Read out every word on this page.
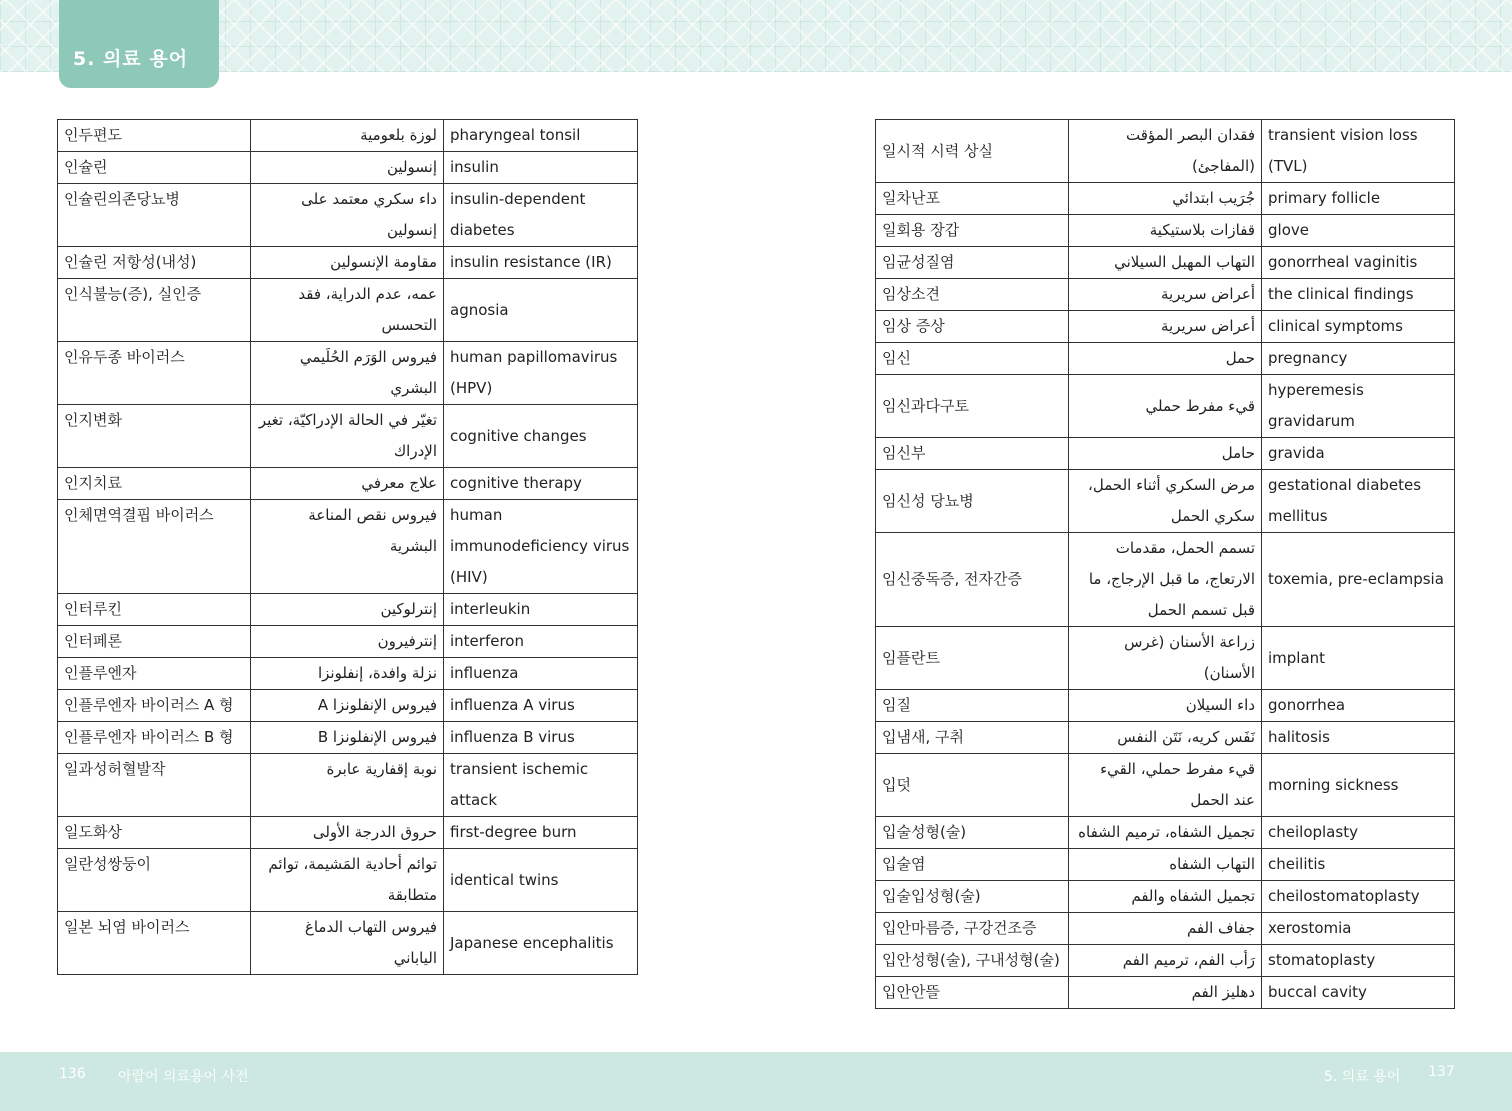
5. 의료 용어
인두편도	لوزة بلعومية	pharyngeal tonsil
인슐린	إنسولين	insulin
인슐린의존당뇨병	داء سكري معتمد على إنسولين	insulin-dependent diabetes
인슐린 저항성(내성)	مقاومة الإنسولين	insulin resistance (IR)
인식불능(증), 실인증	عمه، عدم الدراية، فقد التحسس	agnosia
인유두종 바이러스	فيروس الوَرَم الحُلَيمي البشري	human papillomavirus (HPV)
인지변화	تغيّر في الحالة الإدراكيّة، تغير الإدراك	cognitive changes
인지치료	علاج معرفي	cognitive therapy
인체면역결핍 바이러스	فيروس نقص المناعة البشرية	human immunodeficiency virus (HIV)
인터루킨	إنترلوكين	interleukin
인터페론	إنترفيرون	interferon
인플루엔자	نزلة وافدة، إنفلونزا	influenza
인플루엔자 바이러스 A 형	فيروس الإنفلونزا A	influenza A virus
인플루엔자 바이러스 B 형	فيروس الإنفلونزا B	influenza B virus
일과성허혈발작	نوبة إقفارية عابرة	transient ischemic attack
일도화상	حروق الدرجة الأولى	first-degree burn
일란성쌍둥이	توائم أحادية المَشيمة، توائم متطابقة	identical twins
일본 뇌염 바이러스	فيروس التهاب الدماغ الياباني	Japanese encephalitis
일시적 시력 상실	فقدان البصر المؤقت (المفاجئ)	transient vision loss (TVL)
일차난포	جُرَيب ابتدائي	primary follicle
일회용 장갑	قفازات بلاستيكية	glove
임균성질염	التهاب المهبل السيلاني	gonorrheal vaginitis
임상소견	أعراض سريرية	the clinical findings
임상 증상	أعراض سريرية	clinical symptoms
임신	حمل	pregnancy
임신과다구토	قيء مفرط حملي	hyperemesis gravidarum
임신부	حامل	gravida
임신성 당뇨병	مرض السكري أثناء الحمل، سكري الحمل	gestational diabetes mellitus
임신중독증, 전자간증	تسمم الحمل، مقدمات الارتعاج، ما قبل الإرجاج، ما قبل تسمم الحمل	toxemia, pre-eclampsia
임플란트	زراعة الأسنان (غرس الأسنان)	implant
임질	داء السيلان	gonorrhea
입냄새, 구취	نَفَس كريه، نَتَن النفس	halitosis
입덧	قيء مفرط حملي، القيء عند الحمل	morning sickness
입술성형(술)	تجميل الشفاه، ترميم الشفاه	cheiloplasty
입술염	التهاب الشفاه	cheilitis
입술입성형(술)	تجميل الشفاه والفم	cheilostomatoplasty
입안마름증, 구강건조증	جفاف الفم	xerostomia
입안성형(술), 구내성형(술)	رَأب الفم، ترميم الفم	stomatoplasty
입안안뜰	دهليز الفم	buccal cavity
136 아랍어 의료용어 사전	5. 의료 용어 137
